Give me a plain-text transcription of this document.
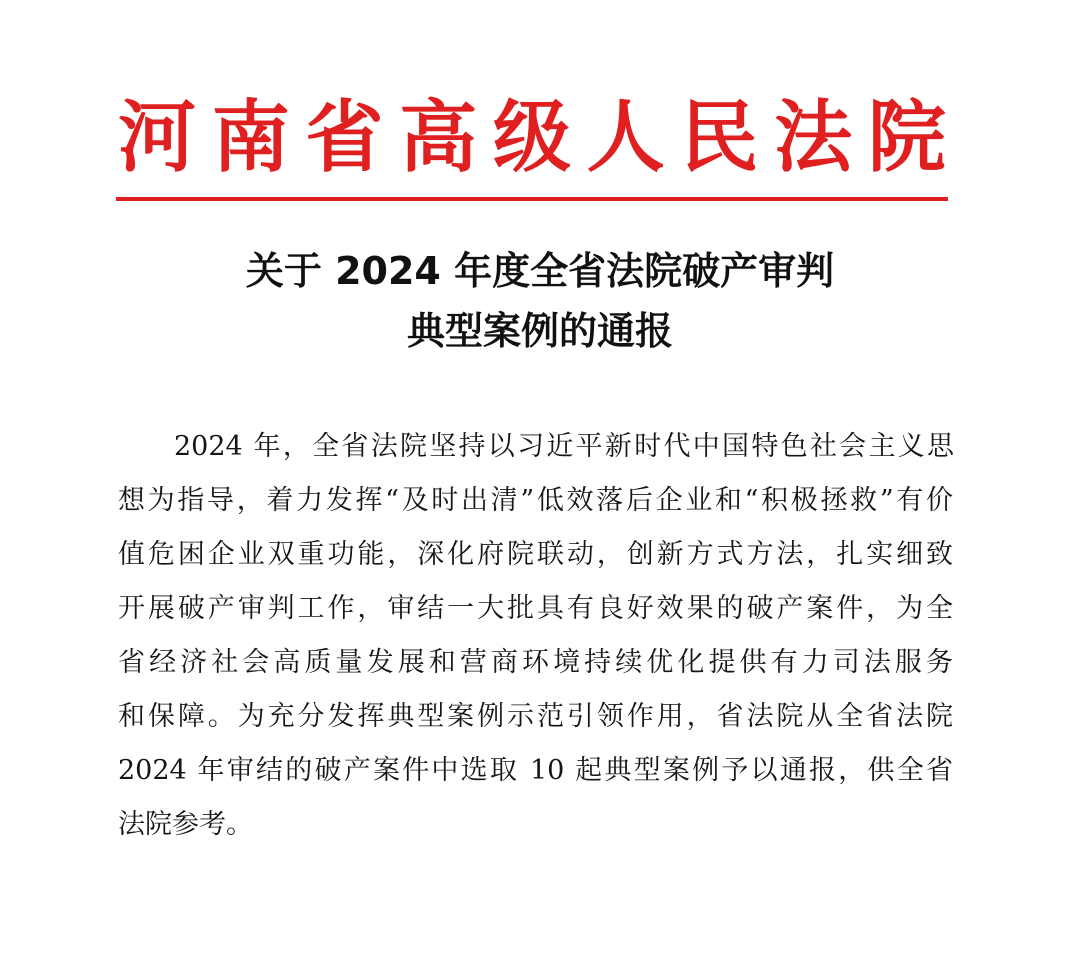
河 南 省 高 级 人 民 法 院
关于 2024 年度全省法院破产审判
典型案例的通报
2024 年，全省法院坚持以习近平新时代中国特色社会主义思
想为指导，着力发挥“及时出清”低效落后企业和“积极拯救”有价
值危困企业双重功能，深化府院联动，创新方式方法，扎实细致
开展破产审判工作，审结一大批具有良好效果的破产案件，为全
省经济社会高质量发展和营商环境持续优化提供有力司法服务
和保障。为充分发挥典型案例示范引领作用，省法院从全省法院
2024 年审结的破产案件中选取 10 起典型案例予以通报，供全省
法院参考。
